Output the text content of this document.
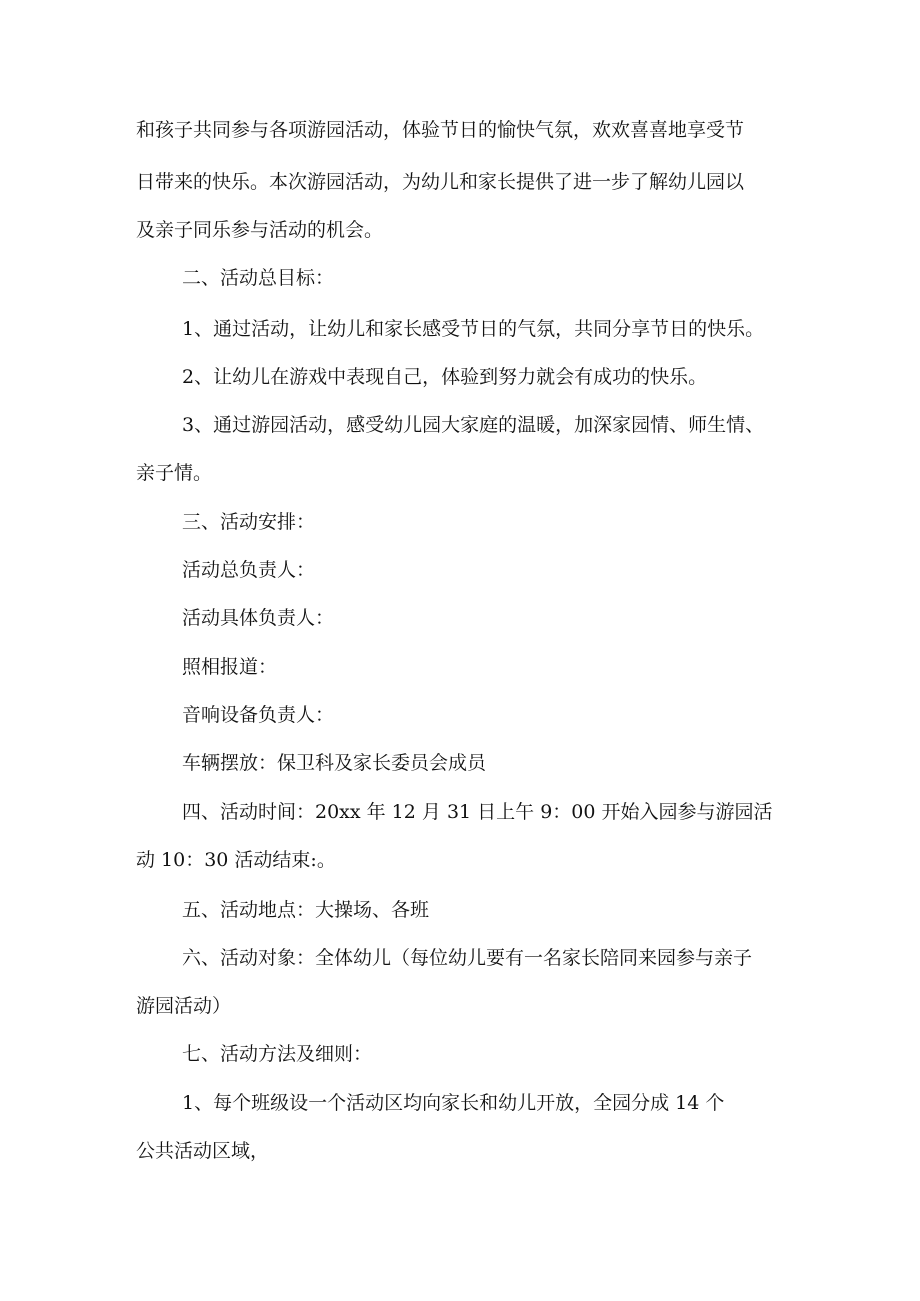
和孩子共同参与各项游园活动，体验节日的愉快气氛，欢欢喜喜地享受节

日带来的快乐。本次游园活动，为幼儿和家长提供了进一步了解幼儿园以

及亲子同乐参与活动的机会。

二、活动总目标：

1、通过活动，让幼儿和家长感受节日的气氛，共同分享节日的快乐。

2、让幼儿在游戏中表现自己，体验到努力就会有成功的快乐。

3、通过游园活动，感受幼儿园大家庭的温暖，加深家园情、师生情、

亲子情。

三、活动安排：

活动总负责人：

活动具体负责人：

照相报道：

音响设备负责人：

车辆摆放：保卫科及家长委员会成员

四、活动时间：20xx 年 12 月 31 日上午 9：00 开始入园参与游园活

动 10：30 活动结束:。

五、活动地点：大操场、各班

六、活动对象：全体幼儿（每位幼儿要有一名家长陪同来园参与亲子

游园活动）

七、活动方法及细则：

1、每个班级设一个活动区均向家长和幼儿开放，全园分成 14 个

公共活动区域，
